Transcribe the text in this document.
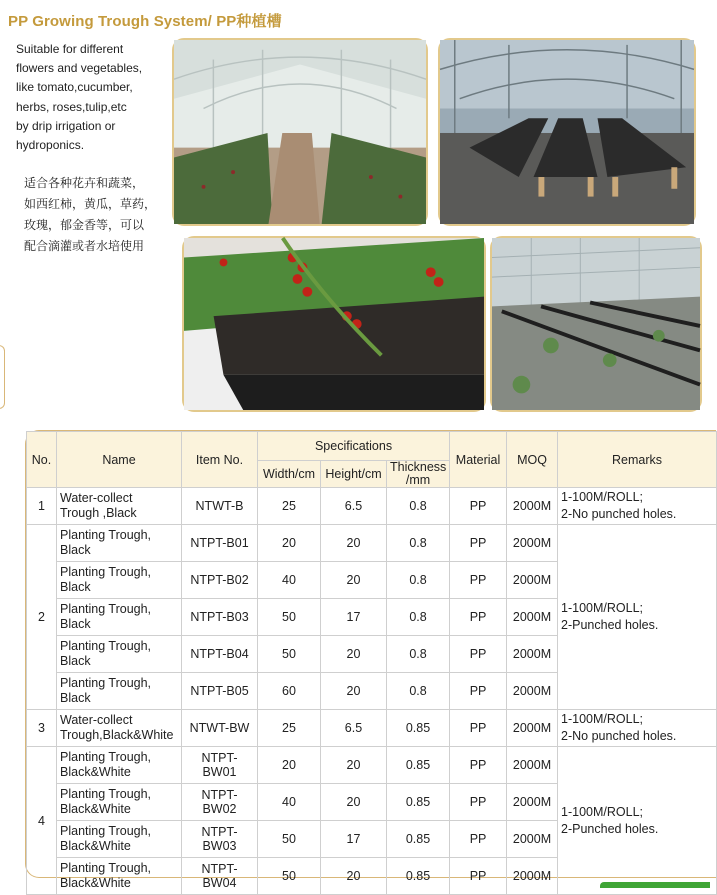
PP Growing Trough System/ PP种植槽
Suitable for different
flowers and vegetables,
like tomato,cucumber,
herbs, roses,tulip,etc
by drip irrigation or
hydroponics.
适合各种花卉和蔬菜，
如西红柿，黄瓜，草药，
玫瑰，郁金香等，可以
配合滴灌或者水培使用
No.	Name	Item No.	Specifications			Material	MOQ	Remarks
			Width/cm	Height/cm	Thickness
/mm			
1	Water-collect
Trough ,Black	NTWT-B	25	6.5	0.8	PP	2000M	1-100M/ROLL;
2-No punched holes.
2	Planting Trough,
Black	NTPT-B01	20	20	0.8	PP	2000M	1-100M/ROLL;
2-Punched holes.
	Planting Trough,
Black	NTPT-B02	40	20	0.8	PP	2000M	
	Planting Trough,
Black	NTPT-B03	50	17	0.8	PP	2000M	
	Planting Trough,
Black	NTPT-B04	50	20	0.8	PP	2000M	
	Planting Trough,
Black	NTPT-B05	60	20	0.8	PP	2000M	
3	Water-collect
Trough,Black&White	NTWT-BW	25	6.5	0.85	PP	2000M	1-100M/ROLL;
2-No punched holes.
4	Planting Trough,
Black&White	NTPT-BW01	20	20	0.85	PP	2000M	1-100M/ROLL;
2-Punched holes.
	Planting Trough,
Black&White	NTPT-BW02	40	20	0.85	PP	2000M	
	Planting Trough,
Black&White	NTPT-BW03	50	17	0.85	PP	2000M	
	Planting Trough,
Black&White	NTPT-BW04	50	20	0.85	PP	2000M	
